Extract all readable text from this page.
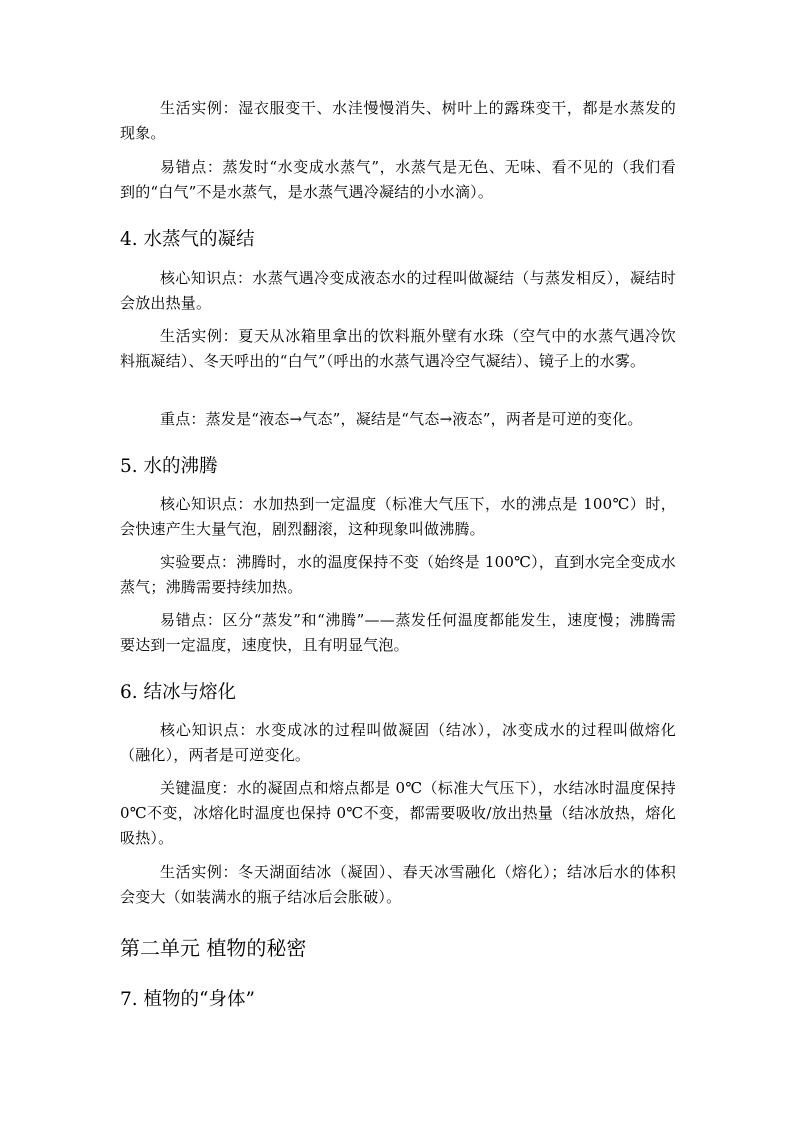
生活实例：湿衣服变干、水洼慢慢消失、树叶上的露珠变干，都是水蒸发的现象。

易错点：蒸发时“水变成水蒸气”，水蒸气是无色、无味、看不见的（我们看到的“白气”不是水蒸气，是水蒸气遇冷凝结的小水滴）。

4. 水蒸气的凝结

核心知识点：水蒸气遇冷变成液态水的过程叫做凝结（与蒸发相反），凝结时会放出热量。

生活实例：夏天从冰箱里拿出的饮料瓶外壁有水珠（空气中的水蒸气遇冷饮料瓶凝结）、冬天呼出的“白气”（呼出的水蒸气遇冷空气凝结）、镜子上的水雾。

重点：蒸发是“液态→气态”，凝结是“气态→液态”，两者是可逆的变化。

5. 水的沸腾

核心知识点：水加热到一定温度（标准大气压下，水的沸点是 100℃）时，会快速产生大量气泡，剧烈翻滚，这种现象叫做沸腾。

实验要点：沸腾时，水的温度保持不变（始终是 100℃），直到水完全变成水蒸气；沸腾需要持续加热。

易错点：区分“蒸发”和“沸腾”——蒸发任何温度都能发生，速度慢；沸腾需要达到一定温度，速度快，且有明显气泡。

6. 结冰与熔化

核心知识点：水变成冰的过程叫做凝固（结冰），冰变成水的过程叫做熔化（融化），两者是可逆变化。

关键温度：水的凝固点和熔点都是 0℃（标准大气压下），水结冰时温度保持 0℃不变，冰熔化时温度也保持 0℃不变，都需要吸收/放出热量（结冰放热，熔化吸热）。

生活实例：冬天湖面结冰（凝固）、春天冰雪融化（熔化）；结冰后水的体积会变大（如装满水的瓶子结冰后会胀破）。

第二单元 植物的秘密
7. 植物的“身体”
